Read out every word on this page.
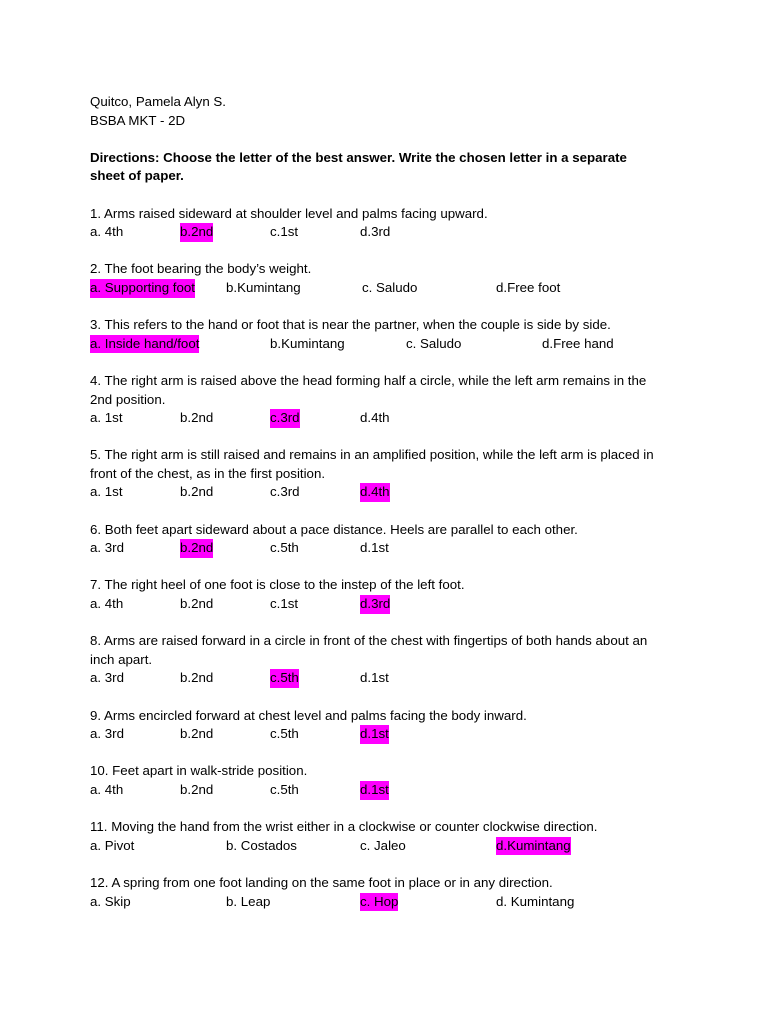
Quitco, Pamela Alyn S.
BSBA MKT - 2D
Directions: Choose the letter of the best answer. Write the chosen letter in a separate
sheet of paper.
1. Arms raised sideward at shoulder level and palms facing upward.
a. 4th	b.2nd	c.1st	d.3rd
2. The foot bearing the body’s weight.
a. Supporting foot b.Kumintang	c. Saludo	d.Free foot
3. This refers to the hand or foot that is near the partner, when the couple is side by side.
a. Inside hand/foot	b.Kumintang	c. Saludo	d.Free hand
4. The right arm is raised above the head forming half a circle, while the left arm remains in the
2nd position.
a. 1st	b.2nd	c.3rd	d.4th
5. The right arm is still raised and remains in an amplified position, while the left arm is placed in
front of the chest, as in the first position.
a. 1st	b.2nd	c.3rd	d.4th
6. Both feet apart sideward about a pace distance. Heels are parallel to each other.
a. 3rd	b.2nd	c.5th	d.1st
7. The right heel of one foot is close to the instep of the left foot.
a. 4th	b.2nd	c.1st	d.3rd
8. Arms are raised forward in a circle in front of the chest with fingertips of both hands about an
inch apart.
a. 3rd	b.2nd	c.5th	d.1st
9. Arms encircled forward at chest level and palms facing the body inward.
a. 3rd	b.2nd	c.5th	d.1st
10. Feet apart in walk-stride position.
a. 4th	b.2nd	c.5th	d.1st
11. Moving the hand from the wrist either in a clockwise or counter clockwise direction.
a. Pivot	b. Costados	c. Jaleo	d.Kumintang
12. A spring from one foot landing on the same foot in place or in any direction.
a. Skip	b. Leap	c. Hop	d. Kumintang
